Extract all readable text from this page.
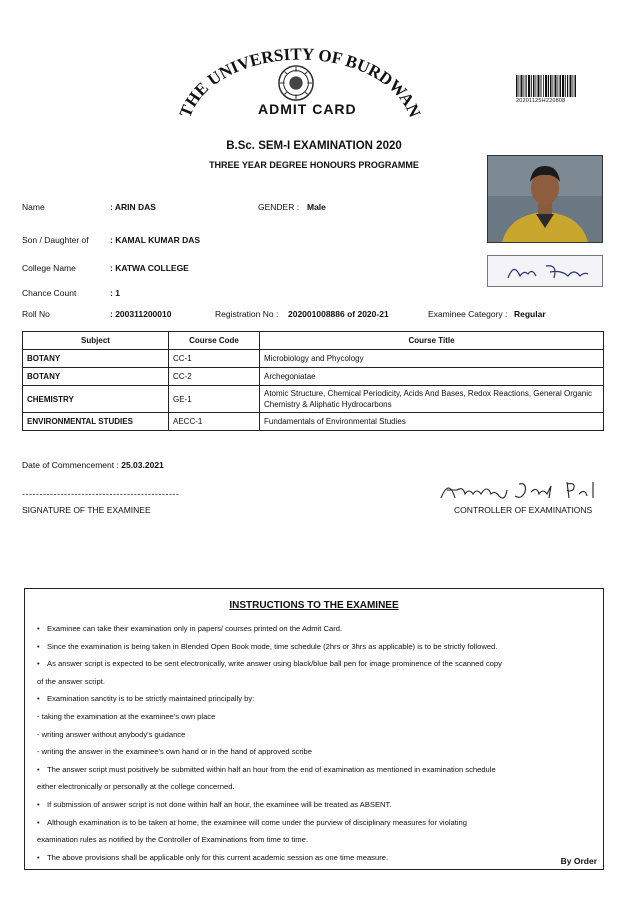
THE UNIVERSITY OF BURDWAN
ADMIT CARD	20201125H220808
B.Sc. SEM-I EXAMINATION 2020
THREE YEAR DEGREE HONOURS PROGRAMME
Name	: ARIN DAS	GENDER : Male
Son / Daughter of	: KAMAL KUMAR DAS
College Name	: KATWA COLLEGE
Chance Count	: 1
Roll No	: 200311200010	Registration No : 202001008886 of 2020-21	Examinee Category : Regular
Subject	Course Code	Course Title
BOTANY	CC-1	Microbiology and Phycology
BOTANY	CC-2	Archegoniatae
CHEMISTRY	GE-1	Atomic Structure, Chemical Periodicity, Acids And Bases, Redox Reactions, General Organic Chemistry & Aliphatic Hydrocarbons
ENVIRONMENTAL STUDIES	AECC-1	Fundamentals of Environmental Studies
Date of Commencement : 25.03.2021
---------------------------------------------
SIGNATURE OF THE EXAMINEE	CONTROLLER OF EXAMINATIONS
INSTRUCTIONS TO THE EXAMINEE
• Examinee can take their examination only in papers/ courses printed on the Admit Card.
• Since the examination is being taken in Blended Open Book mode, time schedule (2hrs or 3hrs as applicable) is to be strictly followed.
• As answer script is expected to be sent electronically, write answer using black/blue ball pen for image prominence of the scanned copy
of the answer script.
• Examination sanctity is to be strictly maintained principally by:
- taking the examination at the examinee's own place
- writing answer without anybody's guidance
- writing the answer in the examinee's own hand or in the hand of approved scribe
• The answer script must positively be submitted within half an hour from the end of examination as mentioned in examination schedule
either electronically or personally at the college concerned.
• If submission of answer script is not done within half an hour, the examinee will be treated as ABSENT.
• Although examination is to be taken at home, the examinee will come under the purview of disciplinary measures for violating
examination rules as notified by the Controller of Examinations from time to time.
• The above provisions shall be applicable only for this current academic session as one time measure.	By Order
